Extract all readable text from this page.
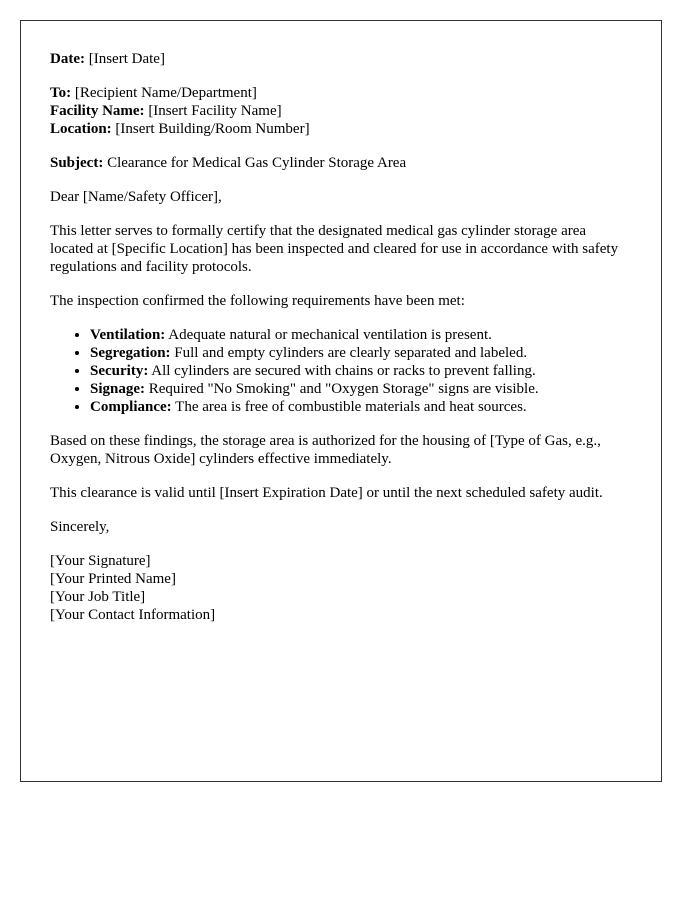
Date: [Insert Date]

To: [Recipient Name/Department]
Facility Name: [Insert Facility Name]
Location: [Insert Building/Room Number]

Subject: Clearance for Medical Gas Cylinder Storage Area

Dear [Name/Safety Officer],

This letter serves to formally certify that the designated medical gas cylinder storage area located at [Specific Location] has been inspected and cleared for use in accordance with safety regulations and facility protocols.

The inspection confirmed the following requirements have been met:

• Ventilation: Adequate natural or mechanical ventilation is present.
• Segregation: Full and empty cylinders are clearly separated and labeled.
• Security: All cylinders are secured with chains or racks to prevent falling.
• Signage: Required "No Smoking" and "Oxygen Storage" signs are visible.
• Compliance: The area is free of combustible materials and heat sources.

Based on these findings, the storage area is authorized for the housing of [Type of Gas, e.g., Oxygen, Nitrous Oxide] cylinders effective immediately.

This clearance is valid until [Insert Expiration Date] or until the next scheduled safety audit.

Sincerely,

[Your Signature]
[Your Printed Name]
[Your Job Title]
[Your Contact Information]
